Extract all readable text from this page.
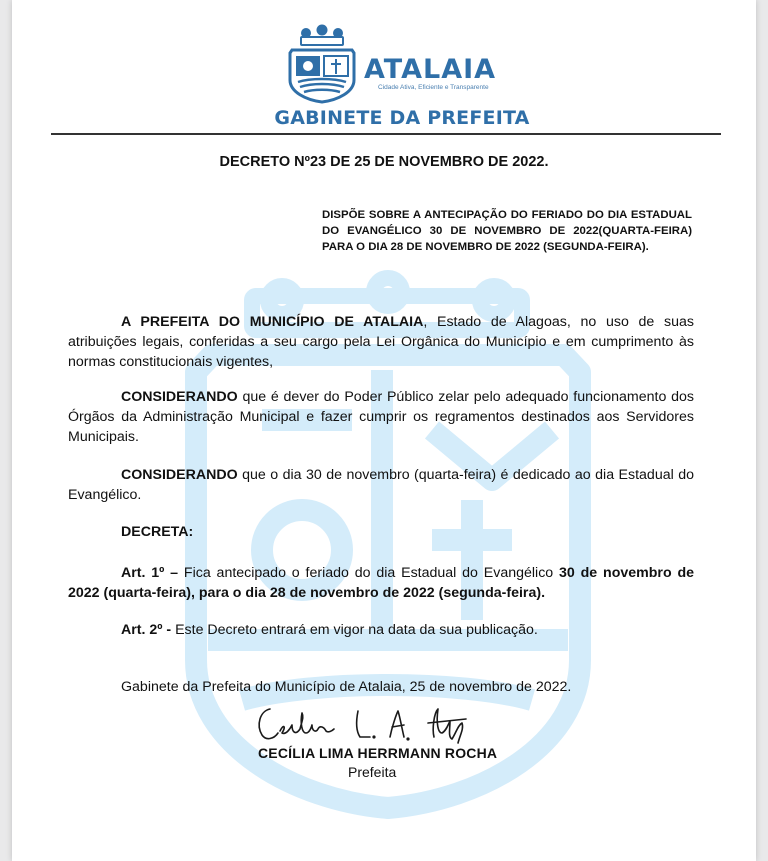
ATALAIA
Cidade Ativa, Eficiente e Transparente
GABINETE DA PREFEITA
DECRETO Nº23 DE 25 DE NOVEMBRO DE 2022.
DISPÕE SOBRE A ANTECIPAÇÃO DO FERIADO DO DIA ESTADUAL DO EVANGÉLICO 30 DE NOVEMBRO DE 2022(QUARTA-FEIRA) PARA O DIA 28 DE NOVEMBRO DE 2022 (SEGUNDA-FEIRA).
A PREFEITA DO MUNICÍPIO DE ATALAIA, Estado de Alagoas, no uso de suas atribuições legais, conferidas a seu cargo pela Lei Orgânica do Município e em cumprimento às normas constitucionais vigentes,
CONSIDERANDO que é dever do Poder Público zelar pelo adequado funcionamento dos Órgãos da Administração Municipal e fazer cumprir os regramentos destinados aos Servidores Municipais.
CONSIDERANDO que o dia 30 de novembro (quarta-feira) é dedicado ao dia Estadual do Evangélico.
DECRETA:
Art. 1º – Fica antecipado o feriado do dia Estadual do Evangélico 30 de novembro de 2022 (quarta-feira), para o dia 28 de novembro de 2022 (segunda-feira).
Art. 2º - Este Decreto entrará em vigor na data da sua publicação.
Gabinete da Prefeita do Município de Atalaia, 25 de novembro de 2022.
CECÍLIA LIMA HERRMANN ROCHA
Prefeita
